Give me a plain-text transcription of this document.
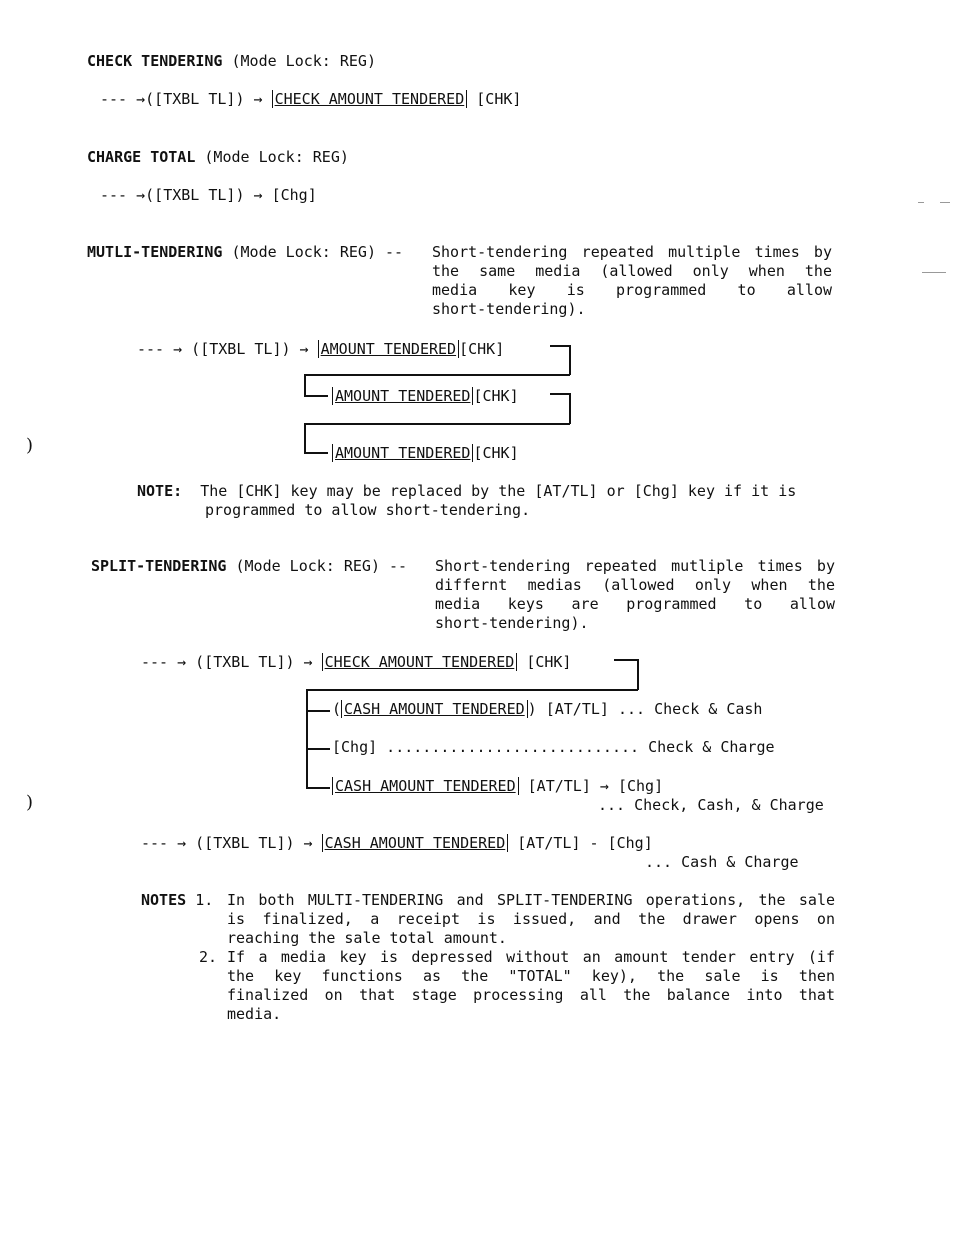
CHECK TENDERING (Mode Lock: REG)
--- →([TXBL TL]) → CHECK AMOUNT TENDERED [CHK]
CHARGE TOTAL (Mode Lock: REG)
--- →([TXBL TL]) → [Chg]
MUTLI-TENDERING (Mode Lock: REG) -- Short-tendering repeated multiple times by
the same media (allowed only when the
media key is programmed to allow
short-tendering).
--- → ([TXBL TL]) → AMOUNT TENDERED [CHK]
AMOUNT TENDERED [CHK]
AMOUNT TENDERED [CHK]
NOTE: The [CHK] key may be replaced by the [AT/TL] or [Chg] key if it is
programmed to allow short-tendering.
SPLIT-TENDERING (Mode Lock: REG) -- Short-tendering repeated mutliple times by
differnt medias (allowed only when the
media keys are programmed to allow
short-tendering).
--- → ([TXBL TL]) → CHECK AMOUNT TENDERED [CHK]
( CASH AMOUNT TENDERED ) [AT/TL] ... Check & Cash
[Chg] ............................ Check & Charge
CASH AMOUNT TENDERED [AT/TL] → [Chg]
... Check, Cash, & Charge
--- → ([TXBL TL]) → CASH AMOUNT TENDERED [AT/TL] - [Chg]
... Cash & Charge
NOTES 1. In both MULTI-TENDERING and SPLIT-TENDERING operations, the sale
is finalized, a receipt is issued, and the drawer opens on
reaching the sale total amount.
2. If a media key is depressed without an amount tender entry (if
the key functions as the "TOTAL" key), the sale is then
finalized on that stage processing all the balance into that
media.
)
)
